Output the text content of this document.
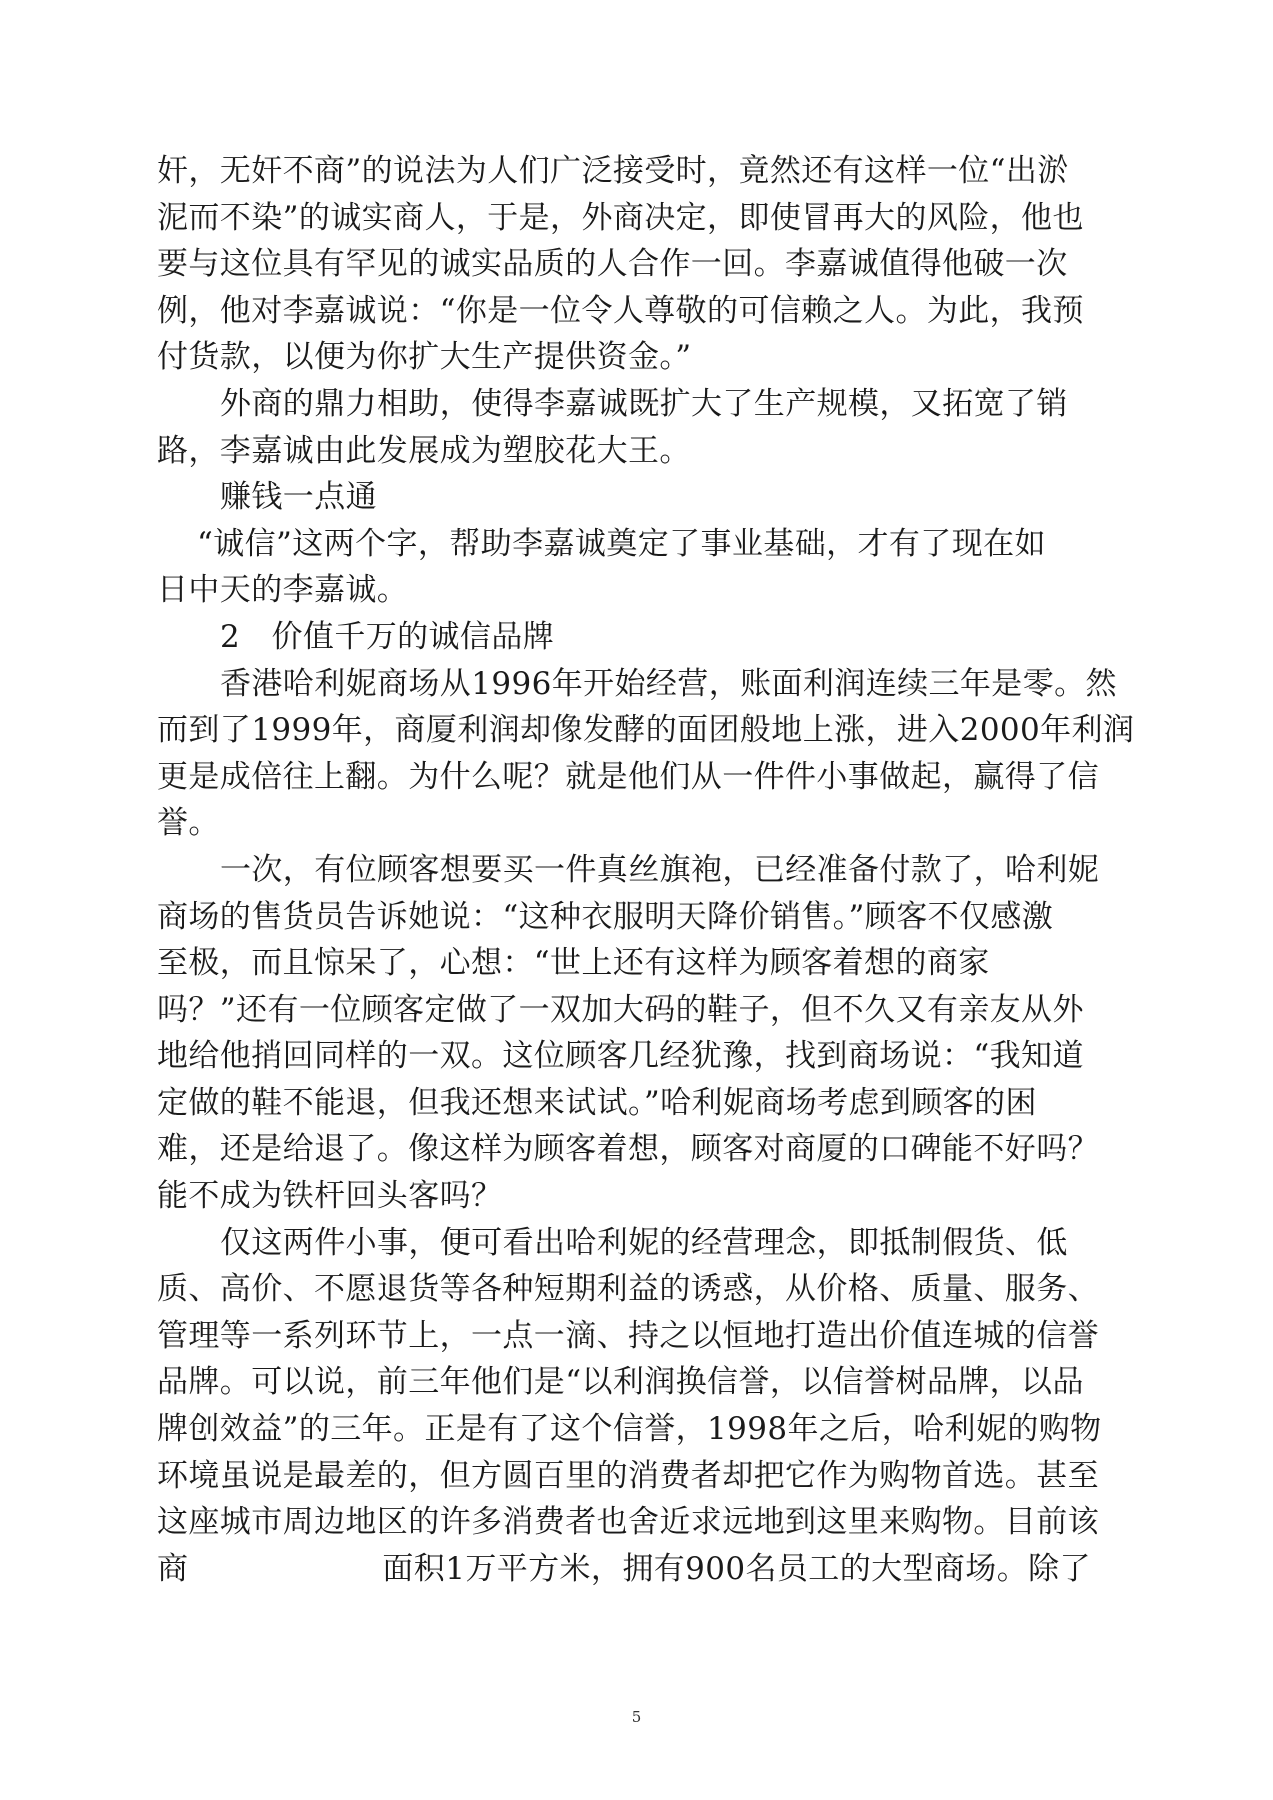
奸，无奸不商”的说法为人们广泛接受时，竟然还有这样一位“出淤
泥而不染”的诚实商人，于是，外商决定，即使冒再大的风险，他也
要与这位具有罕见的诚实品质的人合作一回。李嘉诚值得他破一次
例，他对李嘉诚说：“你是一位令人尊敬的可信赖之人。为此，我预
付货款，以便为你扩大生产提供资金。”
外商的鼎力相助，使得李嘉诚既扩大了生产规模，又拓宽了销
路，李嘉诚由此发展成为塑胶花大王。
赚钱一点通
“诚信”这两个字，帮助李嘉诚奠定了事业基础，才有了现在如
日中天的李嘉诚。
2　价值千万的诚信品牌
香港哈利妮商场从1996年开始经营，账面利润连续三年是零。然
而到了1999年，商厦利润却像发酵的面团般地上涨，进入2000年利润
更是成倍往上翻。为什么呢？就是他们从一件件小事做起，赢得了信
誉。
一次，有位顾客想要买一件真丝旗袍，已经准备付款了，哈利妮
商场的售货员告诉她说：“这种衣服明天降价销售。”顾客不仅感激
至极，而且惊呆了，心想：“世上还有这样为顾客着想的商家
吗？”还有一位顾客定做了一双加大码的鞋子，但不久又有亲友从外
地给他捎回同样的一双。这位顾客几经犹豫，找到商场说：“我知道
定做的鞋不能退，但我还想来试试。”哈利妮商场考虑到顾客的困
难，还是给退了。像这样为顾客着想，顾客对商厦的口碑能不好吗？
能不成为铁杆回头客吗？
仅这两件小事，便可看出哈利妮的经营理念，即抵制假货、低
质、高价、不愿退货等各种短期利益的诱惑，从价格、质量、服务、
管理等一系列环节上，一点一滴、持之以恒地打造出价值连城的信誉
品牌。可以说，前三年他们是“以利润换信誉，以信誉树品牌，以品
牌创效益”的三年。正是有了这个信誉，1998年之后，哈利妮的购物
环境虽说是最差的，但方圆百里的消费者却把它作为购物首选。甚至
这座城市周边地区的许多消费者也舍近求远地到这里来购物。目前该
商	面积1万平方米，拥有900名员工的大型商场。除了
5
